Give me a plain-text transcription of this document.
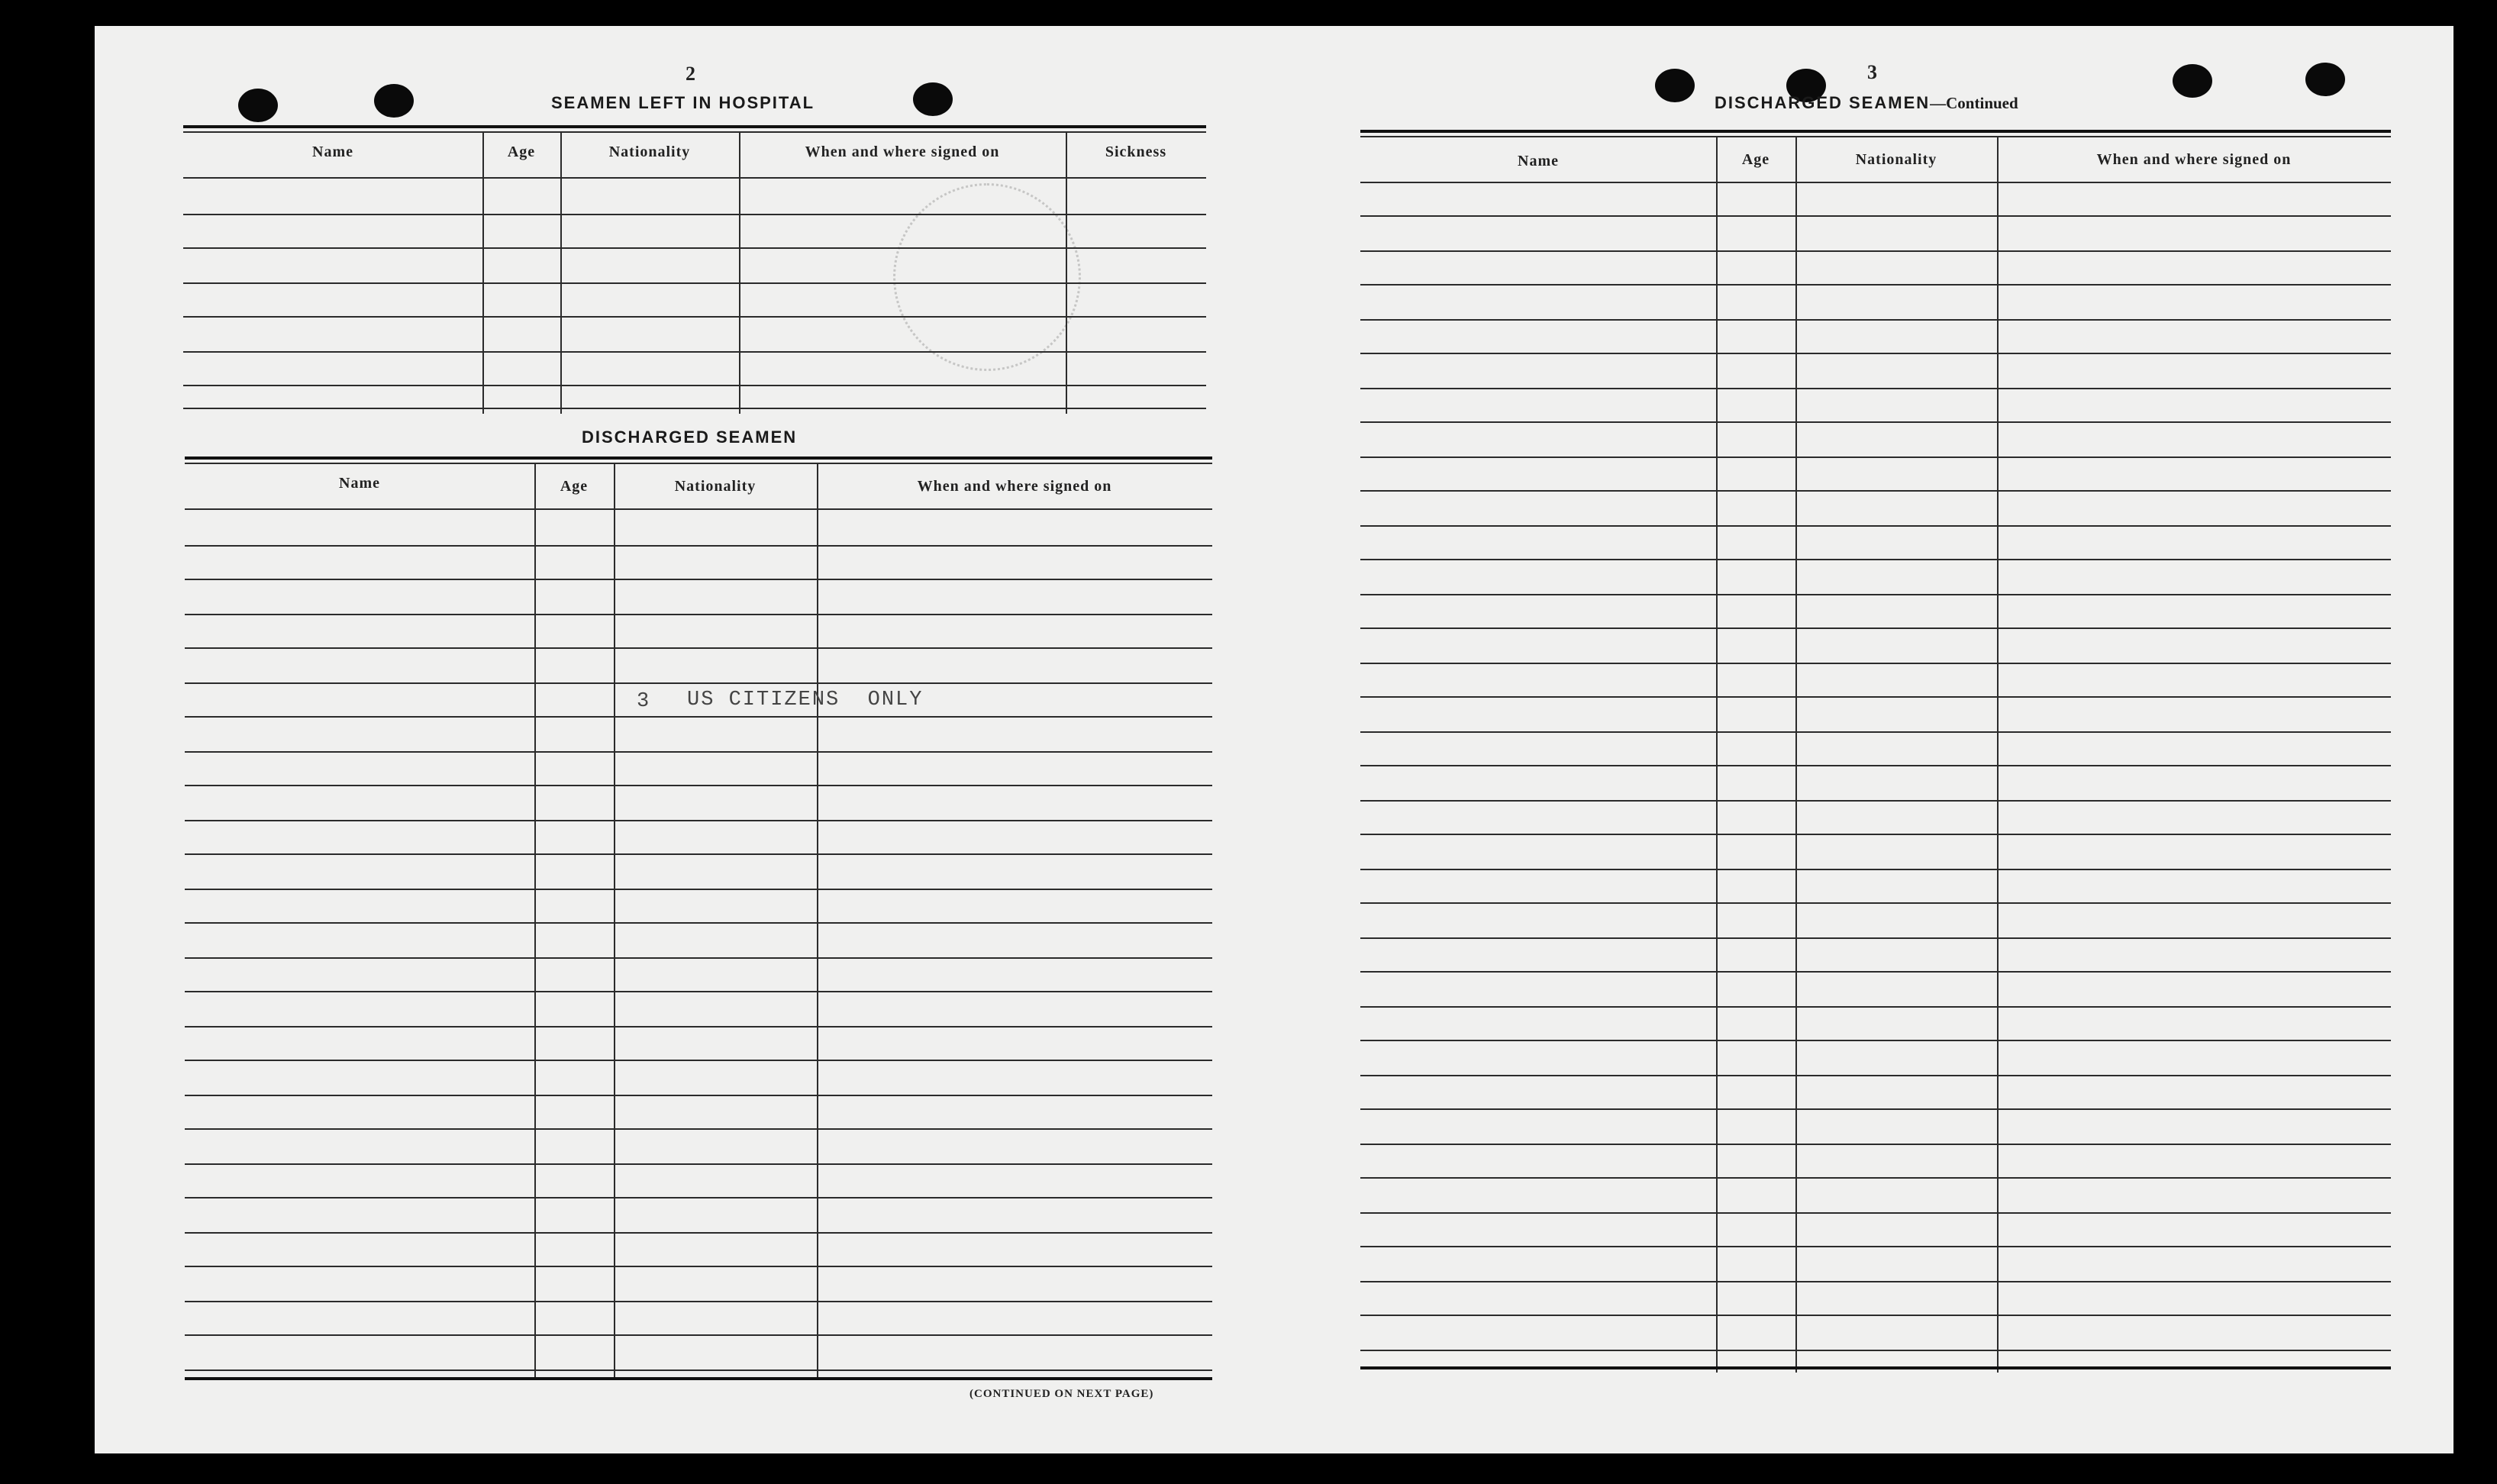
2
SEAMEN LEFT IN HOSPITAL
Name	Age	Nationality	When and where signed on	Sickness
DISCHARGED SEAMEN
Name	Age	Nationality	When and where signed on
3 US CITIZENS  ONLY
(CONTINUED ON NEXT PAGE)
3
DISCHARGED SEAMEN—Continued
Name	Age	Nationality	When and where signed on
